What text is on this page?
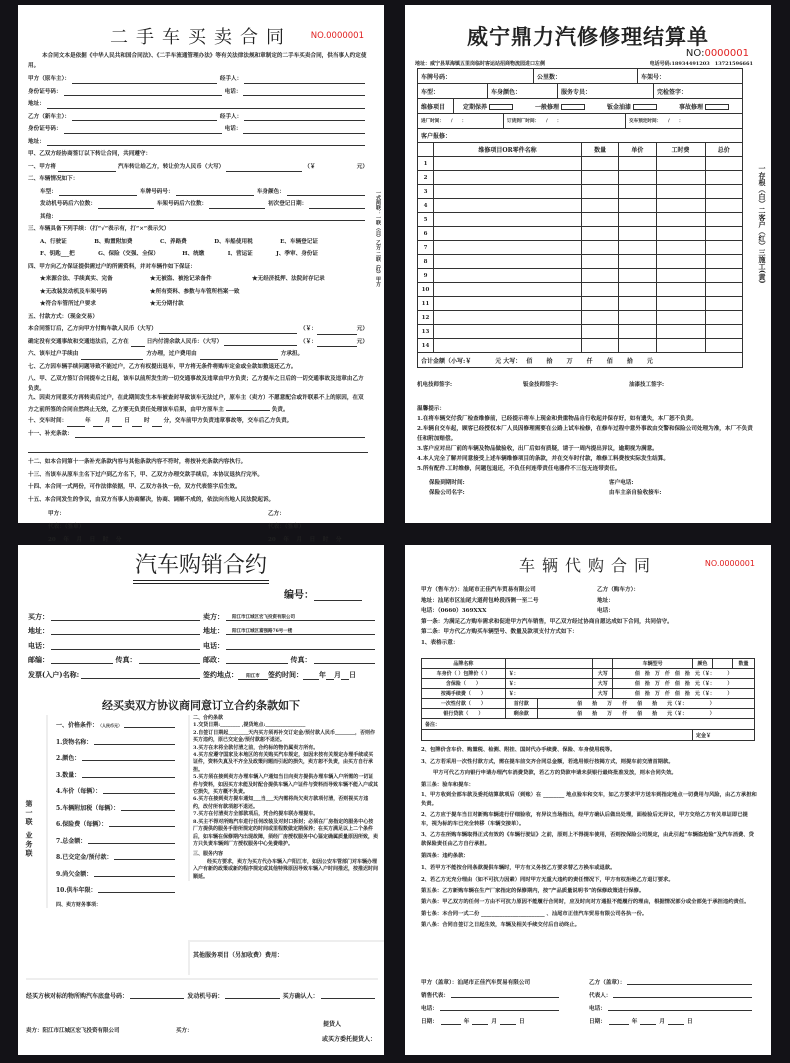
二手车买卖合同	NO.0000001
本合同文本是依据《中华人民共和国合同法》、《二手车流通管理办法》等有关法律法规和章制定的二手车买卖合同，供当事人约定使用。
甲方（原车主）：	经手人：
身份证号码：	电话：
地址：
乙方（新车主）：	经手人：
身份证号码：	电话：
地址：
甲、乙双方经协商签订以下转让合同，共同遵守：
一、甲方将	汽车转让给乙方，转让价为人民币（大写）	（￥	元）
二、车辆情况如下：
车型：	车牌号码号：	车身颜色：
发动机号码后六位数：	车架号码后六位数：	初次登记日期：
其他：
三、车辆具备下列手续：（打“√”表示有，打“×”表示欠）
A、行驶证	B、购置附加费	C、养路费	D、车船使用税	E、车辆登记证
F、钥匙___把	G、保险（交强、全保）	H、统缴	I、营运证	J、季审、身份证
四、甲方向乙方保证提供需过户的所需资料，并对车辆作如下保证：
★来源合法、手续真实、完备	★无被盗、被抢记录备件	★无经济抵押、法院封存记录
★无改装发动机及车架号码	★所有资料、参数与车管所档案一致
★符合车管所过户要求	★无分期付款
五、付款方式：（现金交易）
本合同签订后，乙方向甲方付购车款人民币（大写）	（￥：	元）
确定没有交通事故和交通违法后，乙方在	日内付清余款人民币：（大写）	（￥：	元）
六、该车过户手续由	方办理，过户费用由	方承担。
七、乙方因车辆手续问题导致不能过户，乙方有权提出退车，甲方将无条件将购车定金或全款如数退还乙方。
八、甲、乙双方签订合同提车之日起，该车以前所发生的一切交通事故及违章由甲方负责；乙方提车之日后的一切交通事故及违章由乙方负责。
九、因卖方同意买方再转卖后过户，在此期间发生本车被查封导致该车无法过户，原车主（卖方）不愿意配合或许联系不上的原因，在双方之前所签的合同自然终止无效，乙方要无负责任处理该车后果，由甲方原车主	负责。
十、交车时间：	年	月	日	时	分，交车前甲方负责违章事故等，交车后乙方负责。
十一、补充条款：
十二、如本合同第十一条补充条款内容与其他条款内容不符时，将按补充条款内容执行。
十三、当该车从原车主名下过户到乙方名下，甲、乙双方办理交款手续后，本协议退执行完毕。
十四、本合同一式两份，可作法律依据，甲、乙双方各执一份，双方代表签字后生效。
十五、本合同发生的争议，由双方当事人协商解决，协商、调解不成的，依法向当地人民法院起诉。
甲方：
代表：（签章）
20　 年　 月　 日　 时　 分
乙方：
代表：（签章）
20　 年　 月　 日　 时　 分
一式两联：一联（白）乙方 二联（红）甲方
威宁鼎力汽修修理结算单
NO:0000001
地址：威宁县草海镇五里岗临时客运站招商物流园进口左侧	电话号码:18934491203　13721596661
车牌号码： 公里数： 车架号：					

车型： 车身颜色： 服务专员： 完检签字：					

维修项目 定期保养 一般修理 钣金油漆 事故修理					

进厂时间：　　/　　： 订货到厂时间：　　/　　： 交车预定时间：　　/　　：					

客户报修：					
	维修项目OR零件名称	数量	单价	工时费	总价
1					
2					
3					
4					
5					
6					
7					
8					
9					
10					
11					
12					
13					
14					
合计金额（小写:￥　　　　元 大写：　 佰　　 拾　　 万　　 仟　　 佰　　 拾　　 元					
机电技师签字:	钣金技师签字:	油漆技工签字:
温馨提示：
1.在将车辆交付我厂检查维修前，已经提示将车上现金和贵重物品自行收起并保存好，如有遗失，本厂恕不负责。
2.车辆自交车起，顾客已经授权本厂人员因修理需要在公路上试车检修，在修车过程中意外事故由交警和保险公司处理为准，本厂不负责任和附加赔偿。
3.客户应对出厂前的车辆及物品做验收，出厂后如有质疑，请于一周内提出异议，逾期视为满意。
4.本人完全了解并同意接受上述车辆维修项目的条款，并在交车时付款，维修工料费按实际发生结算。
5.所有配件.工时维修，问题包退还，不负任何连带责任电器件不三包无连带责任。
保险到期时间:	客户电话:
保险公司名字:	由车主亲自验收接车:
一存根（白）二客户（红）三施工(黄)
汽车购销合约
编号：
买方：	卖方：	阳江市江城区宏飞投资有限公司
地址：	地址：	阳江市江城区富强路76号一楼
电话：	电话：
邮编：	传真：	邮政：	传真：
发票(入户)名称:	签约地点：	阳江市	签约时间： 年 月 日
经买卖双方协议商同意订立合约条款如下
第一联 业务联
一、价格条件： （人民币元）
1.货物名称：
2.颜色：
3.数量：
4.车价（每辆）：
5.车辆附加税（每辆）：
6.保险费（每辆）：
7.总金额：
8.已交定金/预付款：
9.尚欠金额：
10.供车年限：
四、卖方财务事项：
二、合约条款
1.交货日期:________ ,提货地点:________________
2.自签订日期起________天内买方须再补交订定金/预付款人民币________，否则作买方违约，原已交定金/预付款恕不退还。
3.买方在未将全款付清之前，合约标的物仍属卖方所有。
4.买方应遵守国家及本地区的有关购买汽车规定，如因未按有关规定办理手续或买证件，资料失真及不齐全及政策问题而引起的损失，卖方恕不负责，由买方自行承担。
5.买方须在接到卖方办理车辆入户通知当日向卖方提供办理车辆入户所需的一切证件与资料，如因买方未能及时配合提供车辆入户证件与资料而导致车辆不能入户或其它损失，买方概不负责。
6.买方在接到卖方提车通知___当___天内需将尚欠卖方款项付清，否则视买方违约，改付所有款项恕不退还。
7.买方在付清卖方全部款项后，凭合约提车联办理提车。
8.买主不得对所购汽车进行任何改装及对封口拆封；必须在厂房指定的服务中心按厂方提供的服务手册所规定的时间或里程数做定期保养；在买方满足以上二个条件后，如车辆在保修期内出现故障，须经厂房授权服务中心鉴定确属质量原因所致，卖方只负责车辆到厂方授权服务中心免费维护。
三、服务内容
经买方要求，卖方为买方代办车辆入户阳江市，如因公安车管部门对车辆办理入户有新的政策或新的程序规定或其他特殊原因导致车辆入户时间推迟，按推迟时间顺延。
其他服务项目（另加收费）费用：
经买方核对标的物所购汽车底盘号码：	发动机号码：	买方确认人：
卖方：阳江市江城区宏飞投资有限公司	买方：
提货人
或买方委托提货人：
车辆代购合同	NO.0000001
甲方（售车方）：汕尾市正佳汽车贸易有限公司	乙方（购车方）：
地址：汕尾市区汕尾大道荷包岭段西侧一至二号	地址：
电话：（0660）369XXX	电话：
第一条：为满足乙方购车需求和促进甲方汽车销售，甲乙双方经过协商自愿达成如下合同，共同信守。
第二条：甲方代乙方购买车辆型号、数量及款项支付方式如下：
1、表格示意：
品牌名称				车辆型号	颜色		数量
车身价（ ）包牌价（ ）	￥：		大写	佰　拾　万　仟　佰　拾　元（￥：　　　）			
含保险（　　）	￥：		大写	佰　拾　万　仟　佰　拾　元（￥：　　　）			
按揭手续费（　　）	￥：		大写	佰　拾　万　仟　佰　拾　元（￥：　　　）			
一次性付款（　　）	首付款	佰　　拾　　万　　仟　　佰　　拾　　元（￥：　　　　　）					
银行贷款（　　）	剩余款	佰　　拾　　万　　仟　　佰　　拾　　元（￥：　　　　　）					
备注：							
					定金￥		
2、包牌价含车价、购置税、检测、附挂、国封代办手续费、保险、车身使用税等。
3、乙方若采用一次性付款方式，需在提车前交齐合同总金额，若选用银行按揭方式，则提车前交清首期款。
甲方可代乙方向银行申请办理汽车消费贷款，若乙方的贷款申请未获银行最终批准发放，则本合同失效。
第三条：验车和提车：
1、甲方收到全部车款及委托结算款项后（到账）在 ________ 地点验车和交车，如乙方要求甲方送车到指定地点一切费用与风险，由乙方承担和负责。
2、乙方应于提车当日对新购车辆进行仔细验收，有异议当场指出，经甲方确认后做出处理，面检验后无异议，甲方交给乙方有关单证即已提车，视为标的车已完全转移（车辆交接单）。
3、乙方在所购车辆取得正式有效的《车辆行驶证》之前，原则上不得提车使用，否则按保险公司规定，由此引起“车辆盗抢险”及汽车消费、贷款保险责任由乙方自行承担。
第四条：违约条款：
1、若甲方不能按合同条款提供车辆时，甲方有义务按乙方要求替乙方换车或退款。
2、若乙方无充分理由（如不可抗力因素）同时甲方无重大违约的责任情况下，甲方有权拒绝乙方退订要求。
第五条：乙方新购车辆在生产厂家指定的保修期内，按“产品质量说明书”的保修政策进行保修。
第六条：甲乙双方的任何一方由不可抗力原因不能履行合同时，应及时向对方通报不能履行的理由，根据情况部分或全部免于承担违约责任。
第七条：本合同一式二份 ________________________ 、汕尾市正佳汽车贸易有限公司各执一份。
第八条：合同自签订之日起生效，车辆及相关手续交付后自动终止。
甲方（盖章）：汕尾市正佳汽车贸易有限公司	乙方（盖章）：
销售代表：	代表人：
电话：	电话：
日期：	年	月	日	日期：	年	月	日
